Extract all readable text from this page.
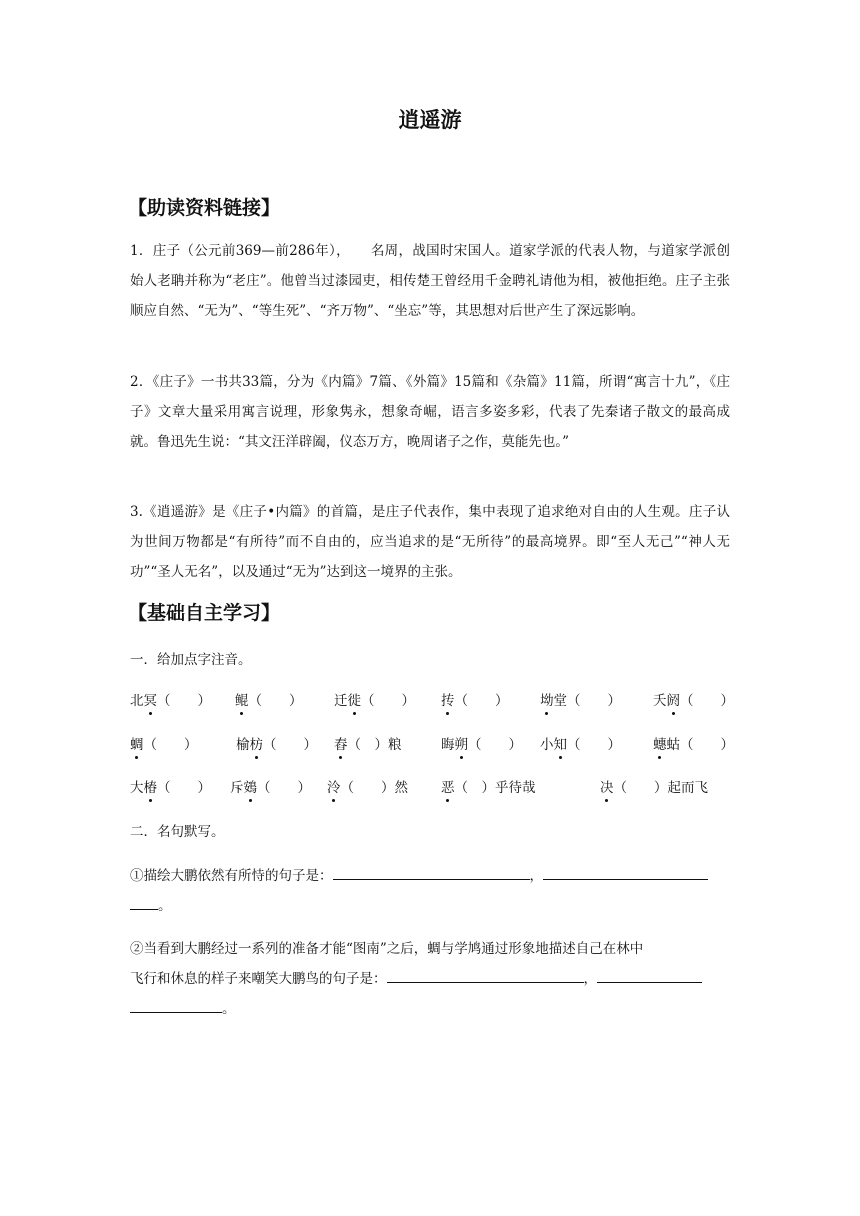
逍遥游
【助读资料链接】
1．庄子（公元前369—前286年），　　名周，战国时宋国人。道家学派的代表人物，与道家学派创始人老聃并称为“老庄”。他曾当过漆园吏，相传楚王曾经用千金聘礼请他为相，被他拒绝。庄子主张顺应自然、“无为”、“等生死”、“齐万物”、“坐忘”等，其思想对后世产生了深远影响。
2．《庄子》一书共33篇，分为《内篇》7篇、《外篇》15篇和《杂篇》11篇，所谓“寓言十九”，《庄子》文章大量采用寓言说理，形象隽永，想象奇崛，语言多姿多彩，代表了先秦诸子散文的最高成就。鲁迅先生说：“其文汪洋辟阖，仪态万方，晚周诸子之作，莫能先也。”
3.《逍遥游》是《庄子•内篇》的首篇，是庄子代表作，集中表现了追求绝对自由的人生观。庄子认为世间万物都是“有所待”而不自由的，应当追求的是“无所待”的最高境界。即“至人无己”“神人无功”“圣人无名”，以及通过“无为”达到这一境界的主张。
【基础自主学习】
一．给加点字注音。
北冥（　　） 鲲（　　） 迁徙（　　） 抟（　　） 坳堂（　　） 夭阏（　　）
蜩（　　）	榆枋（　　） 舂（　）粮	晦朔（　　） 小知（　　） 蟪蛄（　　）
大椿（　　） 斥鴳（　　） 泠（　　）然 恶（　）乎待哉	决（　　）起而飞
二．名句默写。
①描绘大鹏依然有所恃的句子是：	，
。
②当看到大鹏经过一系列的准备才能“图南”之后，蜩与学鸠通过形象地描述自己在林中
飞行和休息的样子来嘲笑大鹏鸟的句子是：	，
。
